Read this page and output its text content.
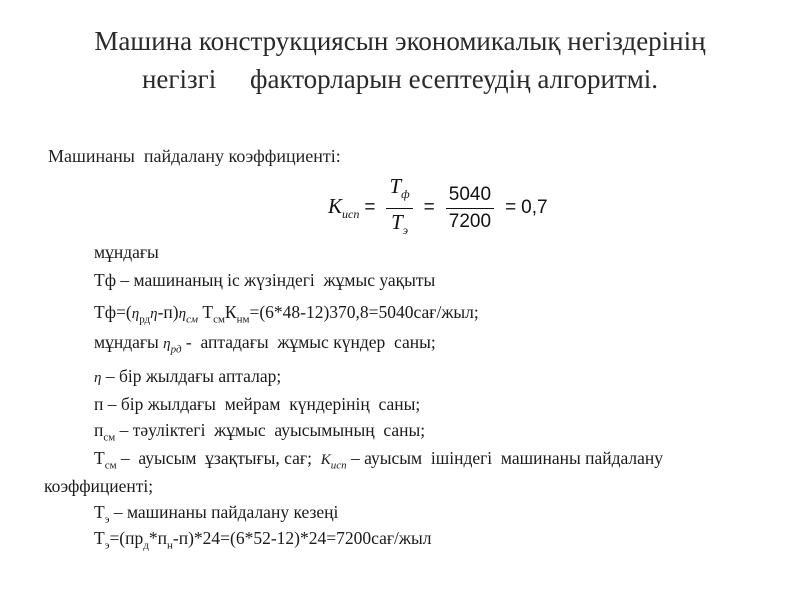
Машина конструкциясын экономикалық негіздерінің
негізгі     факторларын есептеудің алгоритмі.
Машинаны  пайдалану коэффициенті:
$K_{исп} = \frac{T_ф}{T_э} = \frac{5040}{7200} = 0,7$
мұндағы
Тф – машинаның іс жүзіндегі  жұмыс уақыты
$Тф=(\eta_{рд}\eta-п)\eta_{см}$ $Т_{см}К_{нм}=(6*48-12)370,8=5040сағ$/жыл;
мұндағы $\eta_{рд}$ -  аптадағы  жұмыс күндер  саны;
η – бір жылдағы апталар;
п – бір жылдағы  мейрам  күндерінің  саны;
$п_{см}$ – тәуліктегі  жұмыс  ауысымының  саны;
$Т_{см}$ –  ауысым  ұзақтығы, сағ;  $K_{исп}$ – ауысым  ішіндегі  машинаны пайдалану
коэффициенті;
$Т_э$ – машинаны пайдалану кезеңі
$Т_э=(пр_д*п_н-п)*24=(6*52-12)*24=7200сағ$/жыл
